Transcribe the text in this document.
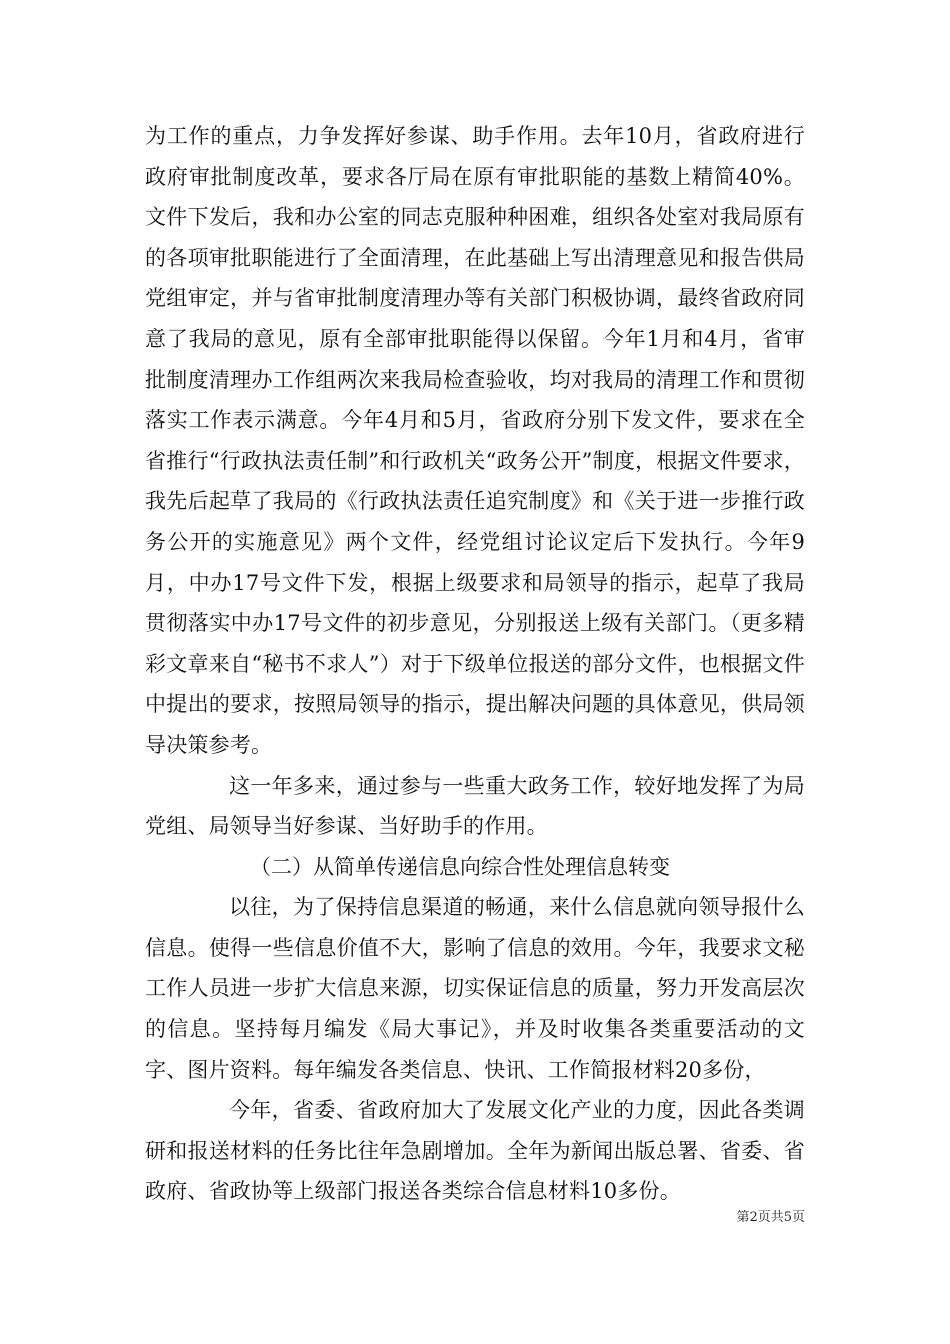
为工作的重点，力争发挥好参谋、助手作用。去年10月，省政府进行政府审批制度改革，要求各厅局在原有审批职能的基数上精简40%。文件下发后，我和办公室的同志克服种种困难，组织各处室对我局原有的各项审批职能进行了全面清理，在此基础上写出清理意见和报告供局党组审定，并与省审批制度清理办等有关部门积极协调，最终省政府同意了我局的意见，原有全部审批职能得以保留。今年1月和4月，省审批制度清理办工作组两次来我局检查验收，均对我局的清理工作和贯彻落实工作表示满意。今年4月和5月，省政府分别下发文件，要求在全省推行“行政执法责任制”和行政机关“政务公开”制度，根据文件要求，我先后起草了我局的《行政执法责任追究制度》和《关于进一步推行政务公开的实施意见》两个文件，经党组讨论议定后下发执行。今年9月，中办17号文件下发，根据上级要求和局领导的指示，起草了我局贯彻落实中办17号文件的初步意见，分别报送上级有关部门。（更多精彩文章来自“秘书不求人”）对于下级单位报送的部分文件，也根据文件中提出的要求，按照局领导的指示，提出解决问题的具体意见，供局领导决策参考。

这一年多来，通过参与一些重大政务工作，较好地发挥了为局党组、局领导当好参谋、当好助手的作用。

（二）从简单传递信息向综合性处理信息转变

以往，为了保持信息渠道的畅通，来什么信息就向领导报什么信息。使得一些信息价值不大，影响了信息的效用。今年，我要求文秘工作人员进一步扩大信息来源，切实保证信息的质量，努力开发高层次的信息。坚持每月编发《局大事记》，并及时收集各类重要活动的文字、图片资料。每年编发各类信息、快讯、工作简报材料20多份，

今年，省委、省政府加大了发展文化产业的力度，因此各类调研和报送材料的任务比往年急剧增加。全年为新闻出版总署、省委、省政府、省政协等上级部门报送各类综合信息材料10多份。

第2页共5页
